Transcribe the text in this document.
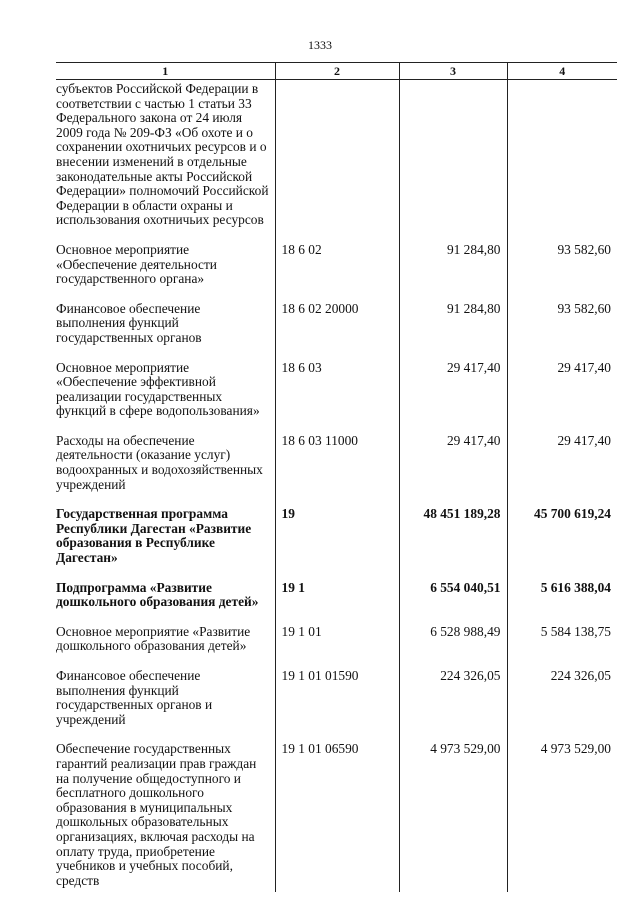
1333
1	2	3	4
субъектов Российской Федерации в соответствии с частью 1 статьи 33 Федерального закона от 24 июля 2009 года № 209-ФЗ «Об охоте и о сохранении охотничьих ресурсов и о внесении изменений в отдельные законодательные акты Российской Федерации» полномочий Российской Федерации в области охраны и использования охотничьих ресурсов			

Основное мероприятие «Обеспечение деятельности государственного органа»	18 6 02	91 284,80	93 582,60

Финансовое обеспечение выполнения функций государственных органов	18 6 02 20000	91 284,80	93 582,60

Основное мероприятие «Обеспечение эффективной реализации государственных функций в сфере водопользования»	18 6 03	29 417,40	29 417,40

Расходы на обеспечение деятельности (оказание услуг) водоохранных и водохозяйственных учреждений	18 6 03 11000	29 417,40	29 417,40

Государственная программа Республики Дагестан «Развитие образования в Республике Дагестан»	19	48 451 189,28	45 700 619,24

Подпрограмма «Развитие дошкольного образования детей»	19 1	6 554 040,51	5 616 388,04

Основное мероприятие «Развитие дошкольного образования детей»	19 1 01	6 528 988,49	5 584 138,75

Финансовое обеспечение выполнения функций государственных органов и учреждений	19 1 01 01590	224 326,05	224 326,05

Обеспечение государственных гарантий реализации прав граждан на получение общедоступного и бесплатного дошкольного образования в муниципальных дошкольных образовательных организациях, включая расходы на оплату труда, приобретение учебников и учебных пособий, средств	19 1 01 06590	4 973 529,00	4 973 529,00
